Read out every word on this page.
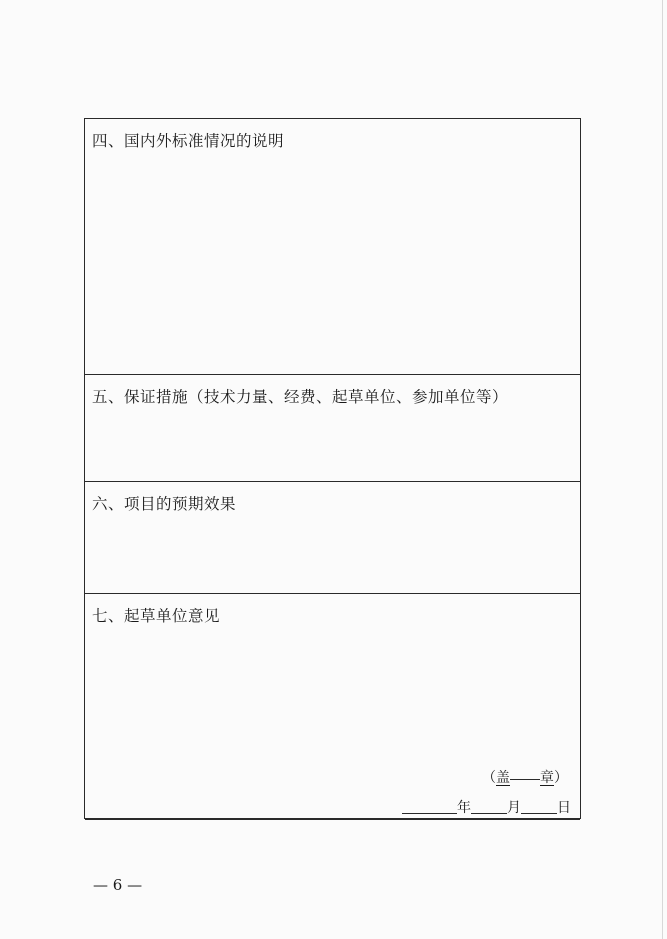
四、国内外标准情况的说明
五、保证措施（技术力量、经费、起草单位、参加单位等）
六、项目的预期效果
七、起草单位意见
（盖 章）
年	月	日
— 6 —
